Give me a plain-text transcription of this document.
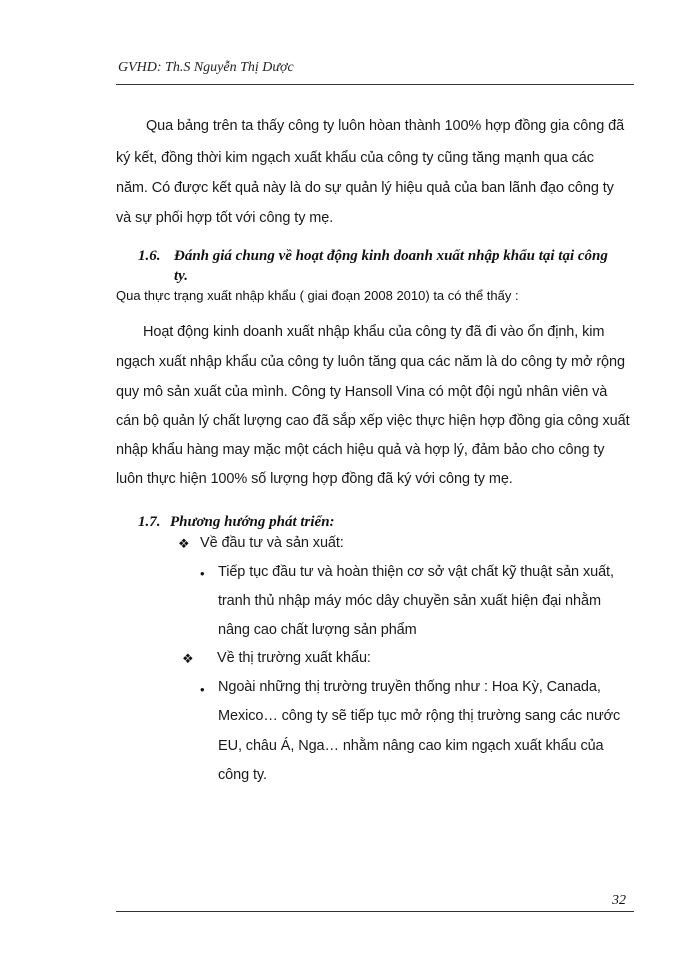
GVHD: Th.S Nguyễn Thị Dược
Qua bảng trên ta thấy công ty luôn hòan thành 100% hợp đồng gia công đã
ký kết, đồng thời kim ngạch xuất khẩu của công ty cũng tăng mạnh qua các
năm. Có được kết quả này là do sự quản lý hiệu quả của ban lãnh đạo công ty
và sự phối hợp tốt với công ty mẹ.
1.6. Đánh giá chung về hoạt động kinh doanh xuất nhập khẩu tại tại công
ty.
Qua thực trạng xuất nhập khẩu ( giai đoạn 2008 2010) ta có thể thấy :
Hoạt động kinh doanh xuất nhập khẩu của công ty đã đi vào ổn định, kim
ngạch xuất nhập khẩu của công ty luôn tăng qua các năm là do công ty mở rộng
quy mô sản xuất của mình. Công ty Hansoll Vina có một đội ngủ nhân viên và
cán bộ quản lý chất lượng cao đã sắp xếp việc thực hiện hợp đồng gia công xuất
nhập khẩu hàng may mặc một cách hiệu quả và hợp lý, đảm bảo cho công ty
luôn thực hiện 100% số lượng hợp đồng đã ký với công ty mẹ.
1.7. Phương hướng phát triển:
❖ Về đầu tư và sản xuất:
• Tiếp tục đầu tư và hoàn thiện cơ sở vật chất kỹ thuật sản xuất,
tranh thủ nhập máy móc dây chuyền sản xuất hiện đại nhằm
nâng cao chất lượng sản phẩm
❖ Về thị trường xuất khẩu:
• Ngoài những thị trường truyền thống như : Hoa Kỳ, Canada,
Mexico… công ty sẽ tiếp tục mở rộng thị trường sang các nước
EU, châu Á, Nga… nhằm nâng cao kim ngạch xuất khẩu của
công ty.
32
